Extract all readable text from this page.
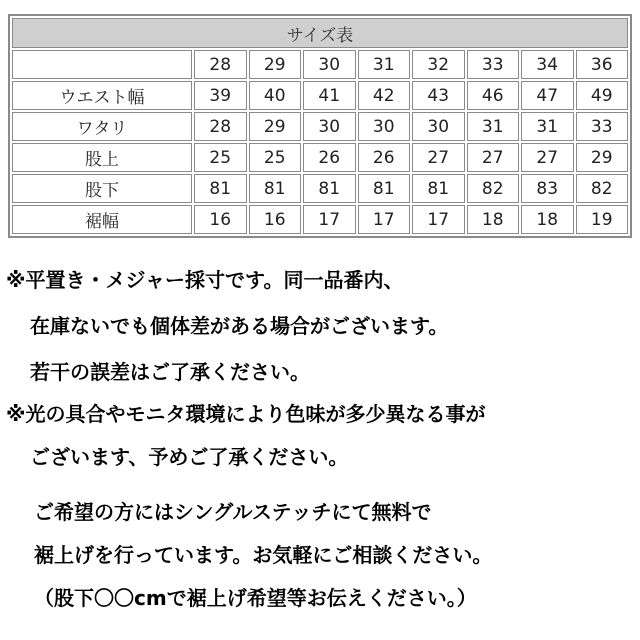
サイズ表								
	28	29	30	31	32	33	34	36
ウエスト幅	39	40	41	42	43	46	47	49
ワタリ	28	29	30	30	30	31	31	33
股上	25	25	26	26	27	27	27	29
股下	81	81	81	81	81	82	83	82
裾幅	16	16	17	17	17	18	18	19
※平置き・メジャー採寸です。同一品番内、
在庫ないでも個体差がある場合がございます。
若干の誤差はご了承ください。
※光の具合やモニタ環境により色味が多少異なる事が
ございます、予めご了承ください。
ご希望の方にはシングルステッチにて無料で
裾上げを行っています。お気軽にご相談ください。
（股下〇〇cmで裾上げ希望等お伝えください。）
